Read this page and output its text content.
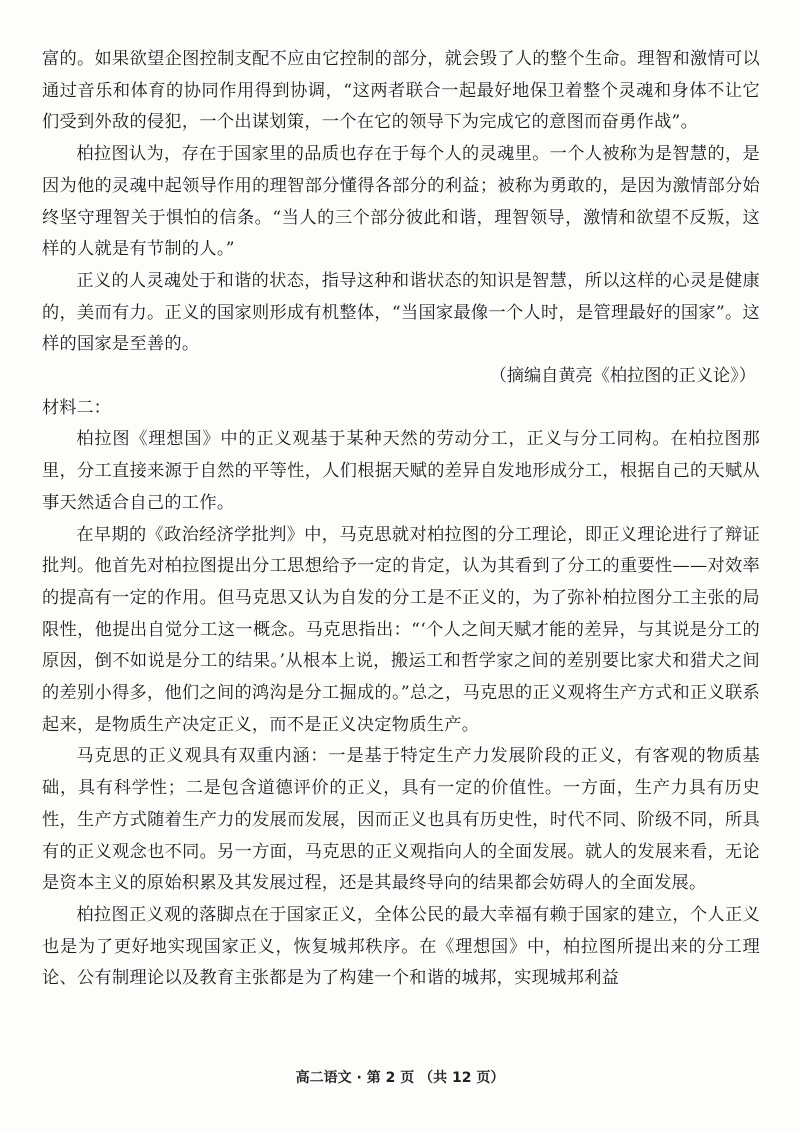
富的。如果欲望企图控制支配不应由它控制的部分，就会毁了人的整个生命。理智和激情可以通过音乐和体育的协同作用得到协调，“这两者联合一起最好地保卫着整个灵魂和身体不让它们受到外敌的侵犯，一个出谋划策，一个在它的领导下为完成它的意图而奋勇作战”。

柏拉图认为，存在于国家里的品质也存在于每个人的灵魂里。一个人被称为是智慧的，是因为他的灵魂中起领导作用的理智部分懂得各部分的利益；被称为勇敢的，是因为激情部分始终坚守理智关于惧怕的信条。“当人的三个部分彼此和谐，理智领导，激情和欲望不反叛，这样的人就是有节制的人。”

正义的人灵魂处于和谐的状态，指导这种和谐状态的知识是智慧，所以这样的心灵是健康的，美而有力。正义的国家则形成有机整体，“当国家最像一个人时，是管理最好的国家”。这样的国家是至善的。

（摘编自黄亮《柏拉图的正义论》）

材料二：

柏拉图《理想国》中的正义观基于某种天然的劳动分工，正义与分工同构。在柏拉图那里，分工直接来源于自然的平等性，人们根据天赋的差异自发地形成分工，根据自己的天赋从事天然适合自己的工作。

在早期的《政治经济学批判》中，马克思就对柏拉图的分工理论，即正义理论进行了辩证批判。他首先对柏拉图提出分工思想给予一定的肯定，认为其看到了分工的重要性——对效率的提高有一定的作用。但马克思又认为自发的分工是不正义的，为了弥补柏拉图分工主张的局限性，他提出自觉分工这一概念。马克思指出：“‘个人之间天赋才能的差异，与其说是分工的原因，倒不如说是分工的结果。’从根本上说，搬运工和哲学家之间的差别要比家犬和猎犬之间的差别小得多，他们之间的鸿沟是分工掘成的。”总之，马克思的正义观将生产方式和正义联系起来，是物质生产决定正义，而不是正义决定物质生产。

马克思的正义观具有双重内涵：一是基于特定生产力发展阶段的正义，有客观的物质基础，具有科学性；二是包含道德评价的正义，具有一定的价值性。一方面，生产力具有历史性，生产方式随着生产力的发展而发展，因而正义也具有历史性，时代不同、阶级不同，所具有的正义观念也不同。另一方面，马克思的正义观指向人的全面发展。就人的发展来看，无论是资本主义的原始积累及其发展过程，还是其最终导向的结果都会妨碍人的全面发展。

柏拉图正义观的落脚点在于国家正义，全体公民的最大幸福有赖于国家的建立，个人正义也是为了更好地实现国家正义，恢复城邦秩序。在《理想国》中，柏拉图所提出来的分工理论、公有制理论以及教育主张都是为了构建一个和谐的城邦，实现城邦利益

高二语文 · 第 2 页 （共 12 页）
